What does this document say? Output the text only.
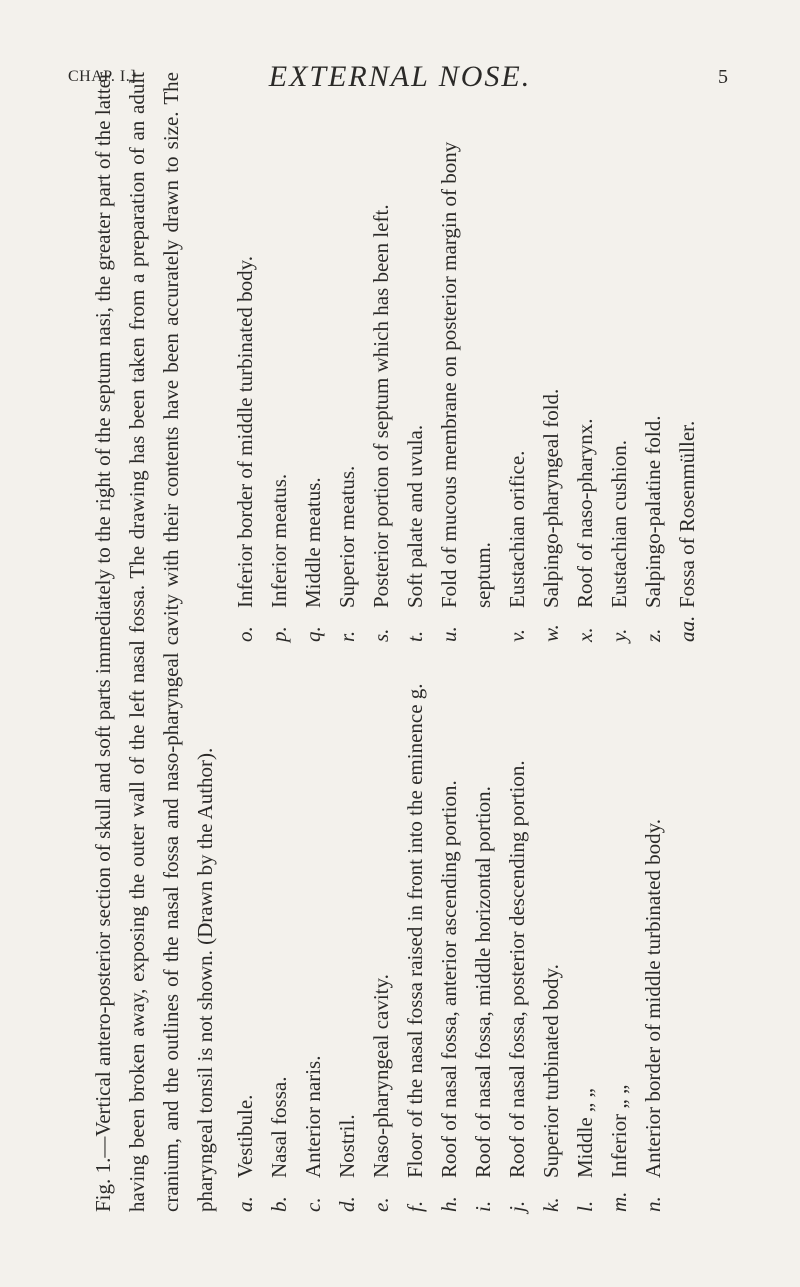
CHAP. I.]	EXTERNAL NOSE.	5

Fig. 1.—Vertical antero-posterior section of skull and soft parts immediately to the right of the septum nasi, the greater part of the latter having been broken away, exposing the outer wall of the left nasal fossa. The drawing has been taken from a preparation of an adult cranium, and the outlines of the nasal fossa and naso-pharyngeal cavity with their contents have been accurately drawn to size. The pharyngeal tonsil is not shown. (Drawn by the Author). a.
Vestibule.
b.
Nasal fossa.
c.
Anterior naris.
d.
Nostril.
e.
Naso-pharyngeal cavity.
f.
Floor of the nasal fossa raised in front into the eminence g.
h.
Roof of nasal fossa, anterior ascending portion.
i.
Roof of nasal fossa, middle horizontal portion.
j.
Roof of nasal fossa, posterior descending portion.
k.
Superior turbinated body.
l.
Middle „ „
m.
Inferior „ „
n.
Anterior border of middle turbinated body.
o.
Inferior border of middle turbinated body.
p.
Inferior meatus.
q.
Middle meatus.
r.
Superior meatus.
s.
Posterior portion of septum which has been left.
t.
Soft palate and uvula.
u.
Fold of mucous membrane on posterior margin of bony septum.
v.
Eustachian orifice.
w.
Salpingo-pharyngeal fold.
x.
Roof of naso-pharynx.
y.
Eustachian cushion.
z.
Salpingo-palatine fold.
aa.
Fossa of Rosenmüller.
